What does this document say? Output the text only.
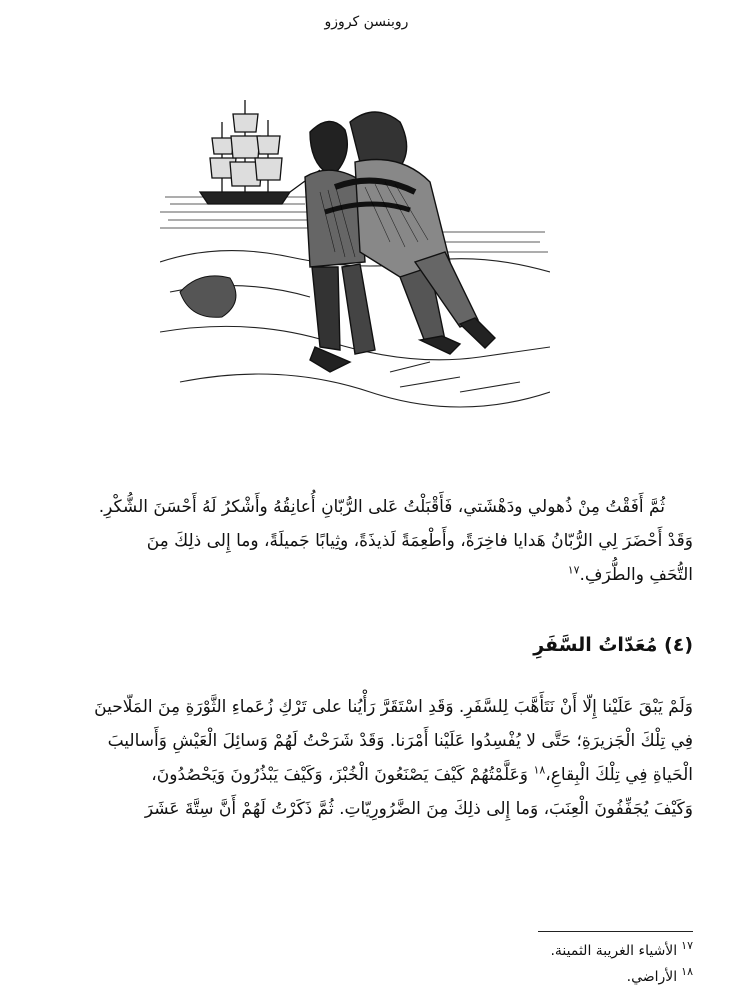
روبنسن كروزو
ثُمَّ أَفَقْتُ مِنْ ذُهولي ودَهْشَتي، فَأَقْبَلْتُ عَلى الرُّبّانِ أُعانِقُهُ وأَشْكرُ لَهُ أَحْسَنَ الشُّكْرِ.
وَقَدْ أَحْضَرَ لِي الرُّبّانُ هَدايا فاخِرَةً، وأَطْعِمَةً لَذيذَةً، وثِيابًا جَميلَةً، وما إِلى ذلِكَ مِنَ
التُّحَفِ والطُّرَفِ.$^{١٧}$
(٤) مُعَدّاتُ السَّفَرِ
وَلَمْ يَبْقَ عَلَيْنا إِلّا أَنْ نَتَأَهَّبَ لِلسَّفَرِ. وَقَدِ اسْتَقَرَّ رَأْيُنا على تَرْكِ زُعَماءِ الثَّوْرَةِ مِنَ المَلّاحينَ
فِي تِلْكَ الْجَزيرَةِ؛ حَتَّى لا يُفْسِدُوا عَلَيْنا أَمْرَنا. وَقَدْ شَرَحْتُ لَهُمْ وَسائِلَ الْعَيْشِ وَأَساليبَ
الْحَياةِ فِي تِلْكَ الْبِقاعِ،$^{١٨}$ وَعَلَّمْتُهُمْ كَيْفَ يَصْنَعُونَ الْخُبْزَ، وَكَيْفَ يَبْذُرُونَ وَيَحْصُدُونَ،
وَكَيْفَ يُجَفِّفُونَ الْعِنَبَ، وَما إِلى ذلِكَ مِنَ الضَّرُورِيّاتِ. ثُمَّ ذَكَرْتُ لَهُمْ أَنَّ سِتَّةَ عَشَرَ
$^{١٧}$الأشياء الغريبة الثمينة.
$^{١٨}$الأراضي.
